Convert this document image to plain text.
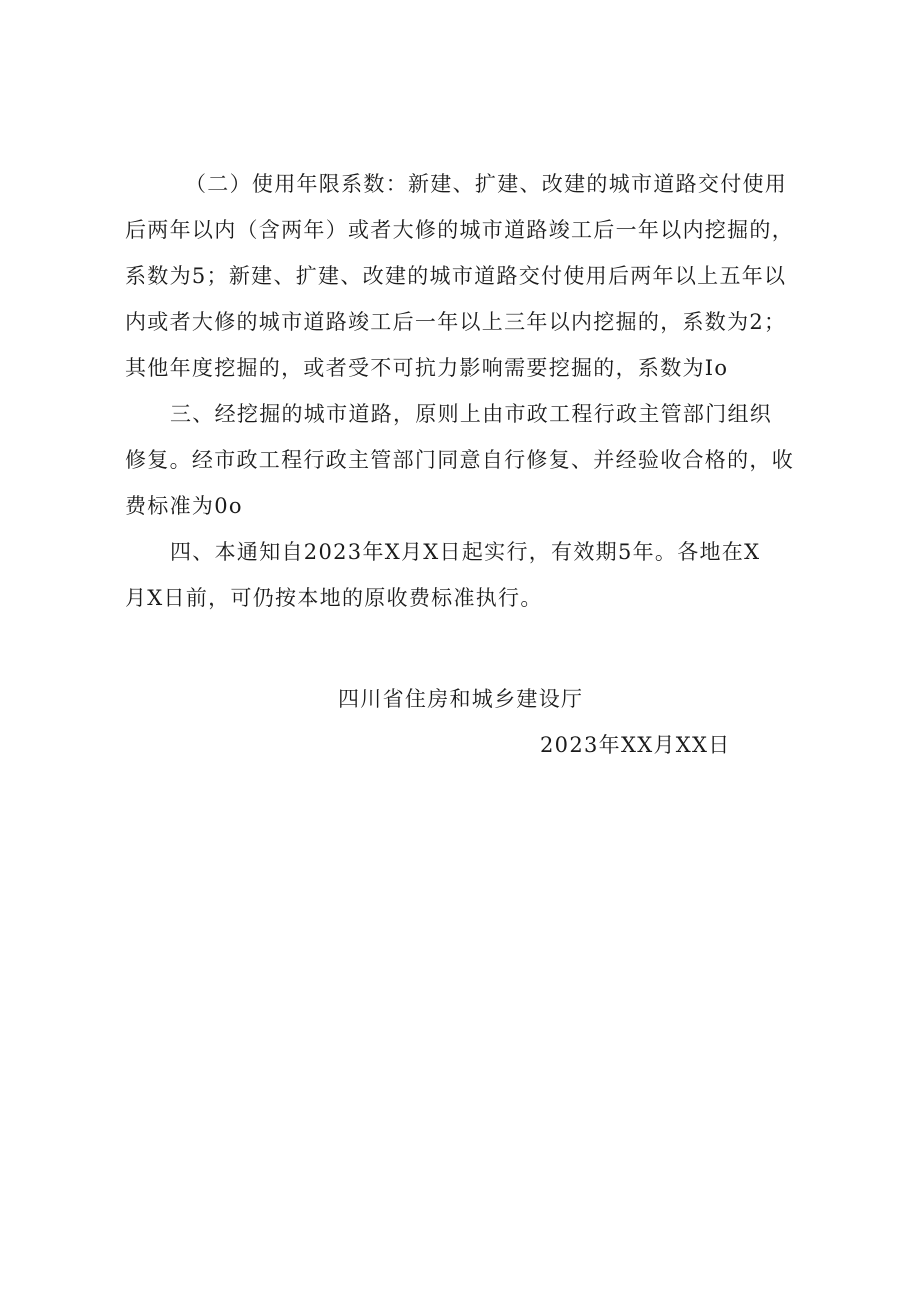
（二）使用年限系数：新建、扩建、改建的城市道路交付使用
后两年以内（含两年）或者大修的城市道路竣工后一年以内挖掘的，
系数为5；新建、扩建、改建的城市道路交付使用后两年以上五年以
内或者大修的城市道路竣工后一年以上三年以内挖掘的，系数为2；
其他年度挖掘的，或者受不可抗力影响需要挖掘的，系数为Io
三、经挖掘的城市道路，原则上由市政工程行政主管部门组织
修复。经市政工程行政主管部门同意自行修复、并经验收合格的，收
费标准为0o
四、本通知自2023年X月X日起实行，有效期5年。各地在X
月X日前，可仍按本地的原收费标准执行。
四川省住房和城乡建设厅
2023年XX月XX日
